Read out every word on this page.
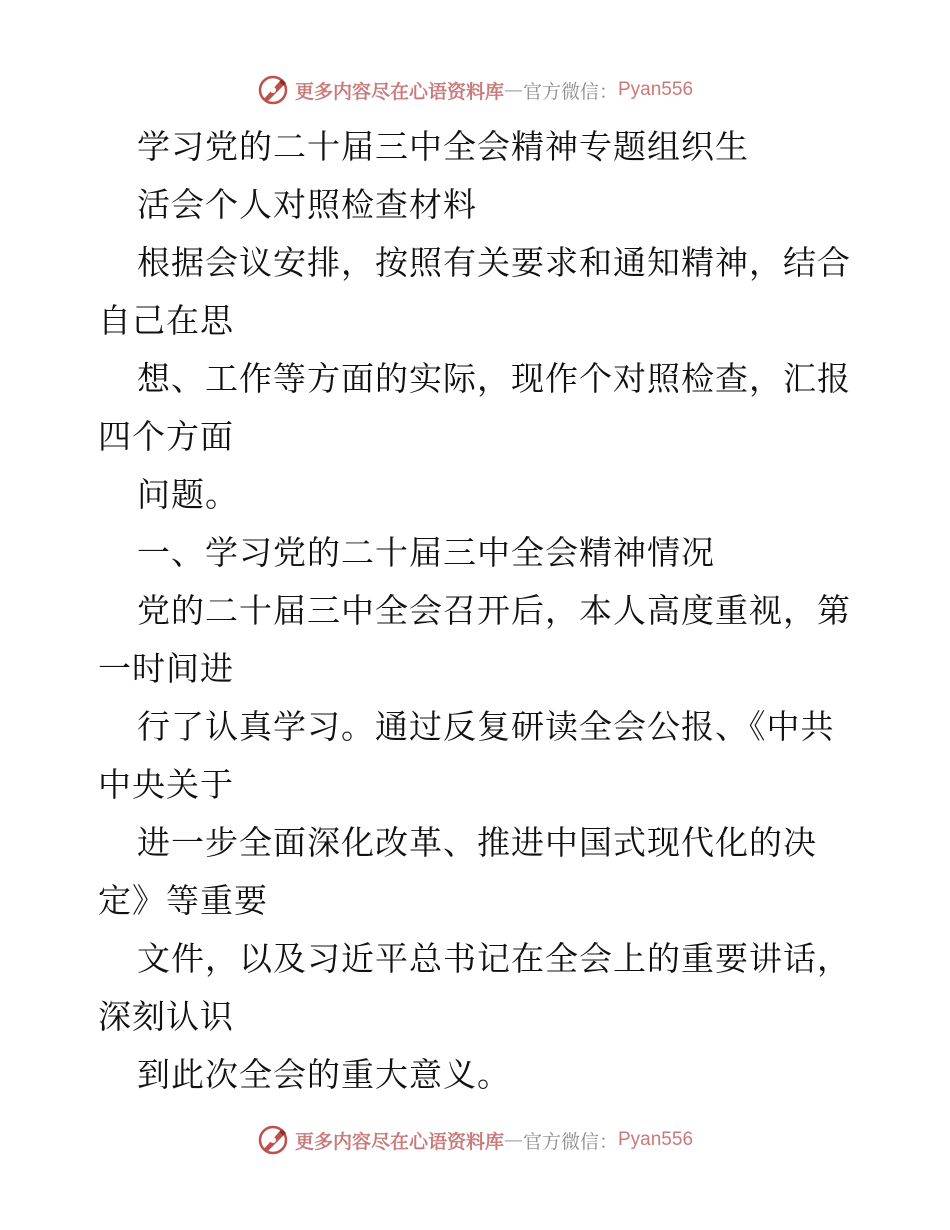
更多内容尽在心语资料库 — 官方微信： Pyan556
学习党的二十届三中全会精神专题组织生
活会个人对照检查材料
根据会议安排，按照有关要求和通知精神，结合
自己在思
想、工作等方面的实际，现作个对照检查，汇报
四个方面
问题。
一、学习党的二十届三中全会精神情况
党的二十届三中全会召开后，本人高度重视，第
一时间进
行了认真学习。通过反复研读全会公报、《中共
中央关于
进一步全面深化改革、推进中国式现代化的决
定》等重要
文件，以及习近平总书记在全会上的重要讲话，
深刻认识
到此次全会的重大意义。
更多内容尽在心语资料库 — 官方微信： Pyan556
